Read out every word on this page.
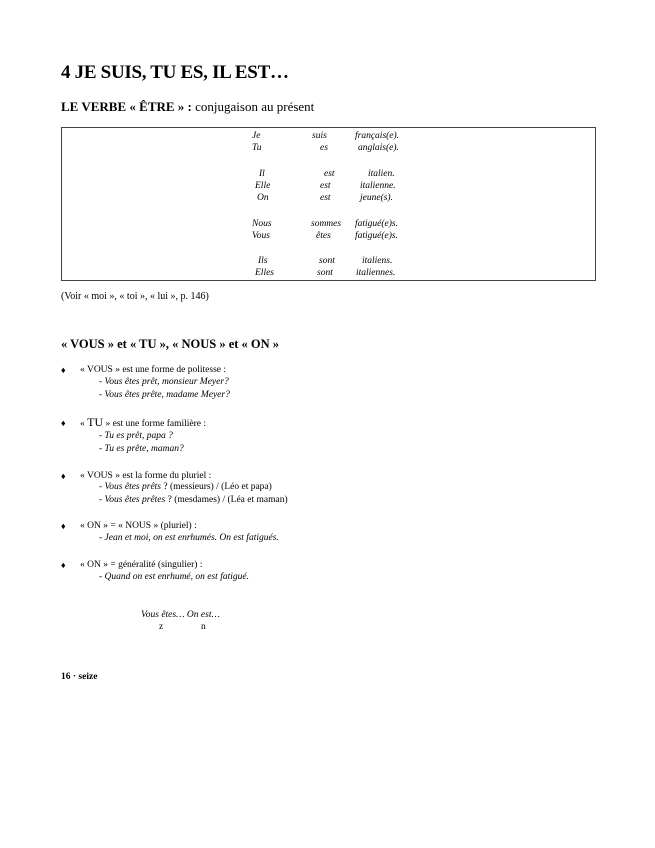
4 JE SUIS, TU ES, IL EST…
LE VERBE « ÊTRE » : conjugaison au présent
Je	suis	français(e).
Tu	es	anglais(e).
Il	est	italien.
Elle	est	italienne.
On	est	jeune(s).
Nous	sommes fatigué(e)s.
Vous	êtes	fatigué(e)s.
Ils	sont	italiens.
Elles	sont italiennes.
(Voir « moi », « toi », « lui », p. 146)
« VOUS » et « TU », « NOUS » et « ON »
♦ « VOUS » est une forme de politesse :
- Vous êtes prêt, monsieur Meyer?
- Vous êtes prête, madame Meyer?
♦ « TU » est une forme familière :
- Tu es prêt, papa ?
- Tu es prête, maman?
♦ « VOUS » est la forme du pluriel :
- Vous êtes prêts ? (messieurs) / (Léo et papa)
- Vous êtes prêtes ? (mesdames) / (Léa et maman)
♦ « ON » = « NOUS » (pluriel) :
- Jean et moi, on est enrhumés. On est fatigués.
♦ « ON » = généralité (singulier) :
- Quand on est enrhumé, on est fatigué.
Vous êtes… On est…
z	n
16 · seize
